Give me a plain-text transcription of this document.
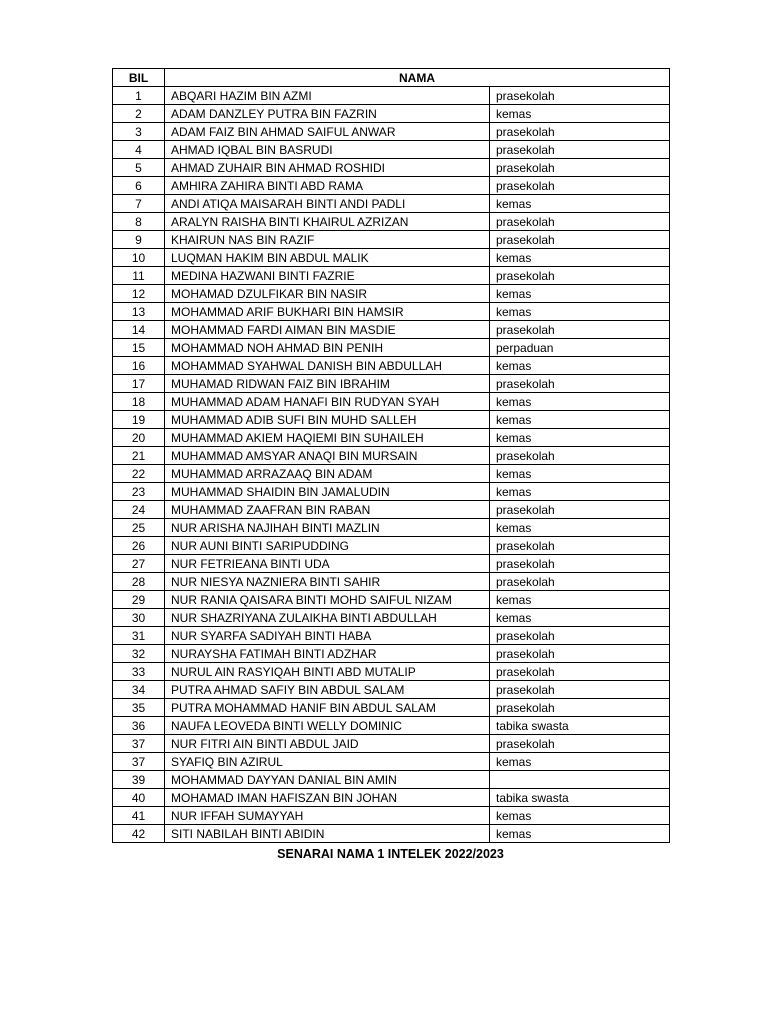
BIL	NAMA	
1	ABQARI HAZIM BIN AZMI	prasekolah
2	ADAM DANZLEY PUTRA BIN FAZRIN	kemas
3	ADAM FAIZ BIN AHMAD SAIFUL ANWAR	prasekolah
4	AHMAD IQBAL BIN BASRUDI	prasekolah
5	AHMAD ZUHAIR BIN AHMAD ROSHIDI	prasekolah
6	AMHIRA ZAHIRA BINTI ABD RAMA	prasekolah
7	ANDI ATIQA MAISARAH BINTI ANDI PADLI	kemas
8	ARALYN RAISHA BINTI KHAIRUL AZRIZAN	prasekolah
9	KHAIRUN NAS BIN RAZIF	prasekolah
10	LUQMAN HAKIM BIN ABDUL MALIK	kemas
11	MEDINA HAZWANI BINTI FAZRIE	prasekolah
12	MOHAMAD DZULFIKAR BIN NASIR	kemas
13	MOHAMMAD ARIF BUKHARI BIN HAMSIR	kemas
14	MOHAMMAD FARDI AIMAN BIN MASDIE	prasekolah
15	MOHAMMAD NOH AHMAD BIN PENIH	perpaduan
16	MOHAMMAD SYAHWAL DANISH BIN ABDULLAH	kemas
17	MUHAMAD RIDWAN FAIZ BIN IBRAHIM	prasekolah
18	MUHAMMAD ADAM HANAFI BIN RUDYAN SYAH	kemas
19	MUHAMMAD ADIB SUFI BIN MUHD SALLEH	kemas
20	MUHAMMAD AKIEM HAQIEMI BIN SUHAILEH	kemas
21	MUHAMMAD AMSYAR ANAQI BIN MURSAIN	prasekolah
22	MUHAMMAD ARRAZAAQ BIN ADAM	kemas
23	MUHAMMAD SHAIDIN BIN JAMALUDIN	kemas
24	MUHAMMAD ZAAFRAN BIN RABAN	prasekolah
25	NUR ARISHA NAJIHAH BINTI MAZLIN	kemas
26	NUR AUNI BINTI SARIPUDDING	prasekolah
27	NUR FETRIEANA BINTI UDA	prasekolah
28	NUR NIESYA NAZNIERA BINTI SAHIR	prasekolah
29	NUR RANIA QAISARA BINTI MOHD SAIFUL NIZAM	kemas
30	NUR SHAZRIYANA ZULAIKHA BINTI ABDULLAH	kemas
31	NUR SYARFA SADIYAH BINTI HABA	prasekolah
32	NURAYSHA FATIMAH BINTI ADZHAR	prasekolah
33	NURUL AIN RASYIQAH BINTI ABD MUTALIP	prasekolah
34	PUTRA AHMAD SAFIY BIN ABDUL SALAM	prasekolah
35	PUTRA MOHAMMAD HANIF BIN ABDUL SALAM	prasekolah
36	NAUFA LEOVEDA BINTI WELLY DOMINIC	tabika swasta
37	NUR FITRI AIN BINTI ABDUL JAID	prasekolah
37	SYAFIQ BIN AZIRUL	kemas
39	MOHAMMAD DAYYAN DANIAL BIN AMIN	
40	MOHAMAD IMAN HAFISZAN BIN JOHAN	tabika swasta
41	NUR IFFAH SUMAYYAH	kemas
42	SITI NABILAH BINTI ABIDIN	kemas
SENARAI NAMA 1 INTELEK 2022/2023
